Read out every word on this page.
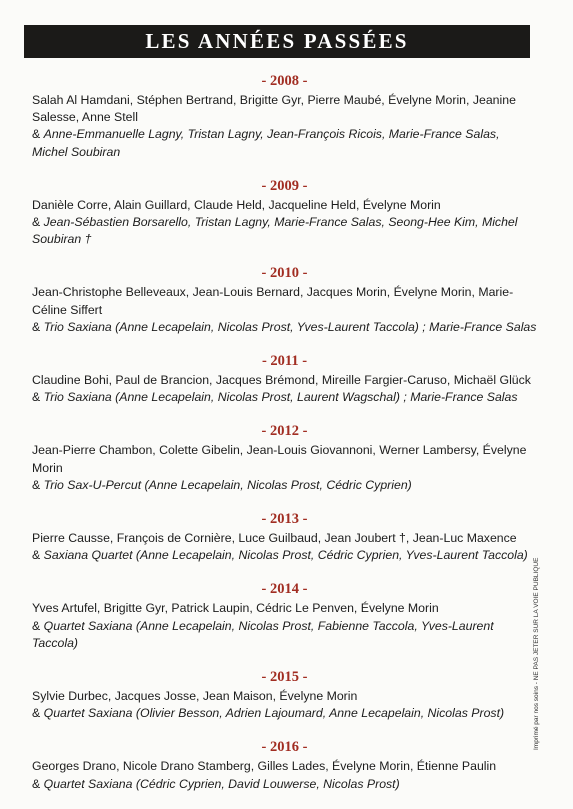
LES ANNÉES PASSÉES
- 2008 -
Salah Al Hamdani, Stéphen Bertrand, Brigitte Gyr, Pierre Maubé, Évelyne Morin, Jeanine Salesse, Anne Stell
& Anne-Emmanuelle Lagny, Tristan Lagny, Jean-François Ricois, Marie-France Salas, Michel Soubiran
- 2009 -
Danièle Corre, Alain Guillard, Claude Held, Jacqueline Held, Évelyne Morin
& Jean-Sébastien Borsarello, Tristan Lagny, Marie-France Salas, Seong-Hee Kim, Michel Soubiran †
- 2010 -
Jean-Christophe Belleveaux, Jean-Louis Bernard, Jacques Morin, Évelyne Morin, Marie-Céline Siffert
& Trio Saxiana (Anne Lecapelain, Nicolas Prost, Yves-Laurent Taccola) ; Marie-France Salas
- 2011 -
Claudine Bohi, Paul de Brancion, Jacques Brémond, Mireille Fargier-Caruso, Michaël Glück
& Trio Saxiana (Anne Lecapelain, Nicolas Prost, Laurent Wagschal) ; Marie-France Salas
- 2012 -
Jean-Pierre Chambon, Colette Gibelin, Jean-Louis Giovannoni, Werner Lambersy, Évelyne Morin
& Trio Sax-U-Percut (Anne Lecapelain, Nicolas Prost, Cédric Cyprien)
- 2013 -
Pierre Causse, François de Cornière, Luce Guilbaud, Jean Joubert †, Jean-Luc Maxence
& Saxiana Quartet (Anne Lecapelain, Nicolas Prost, Cédric Cyprien, Yves-Laurent Taccola)
- 2014 -
Yves Artufel, Brigitte Gyr, Patrick Laupin, Cédric Le Penven, Évelyne Morin
& Quartet Saxiana (Anne Lecapelain, Nicolas Prost, Fabienne Taccola, Yves-Laurent Taccola)
- 2015 -
Sylvie Durbec, Jacques Josse, Jean Maison, Évelyne Morin
& Quartet Saxiana (Olivier Besson, Adrien Lajoumard, Anne Lecapelain, Nicolas Prost)
- 2016 -
Georges Drano, Nicole Drano Stamberg, Gilles Lades, Évelyne Morin, Étienne Paulin
& Quartet Saxiana (Cédric Cyprien, David Louwerse, Nicolas Prost)
Imprimé par nos soins - NE PAS JETER SUR LA VOIE PUBLIQUE
